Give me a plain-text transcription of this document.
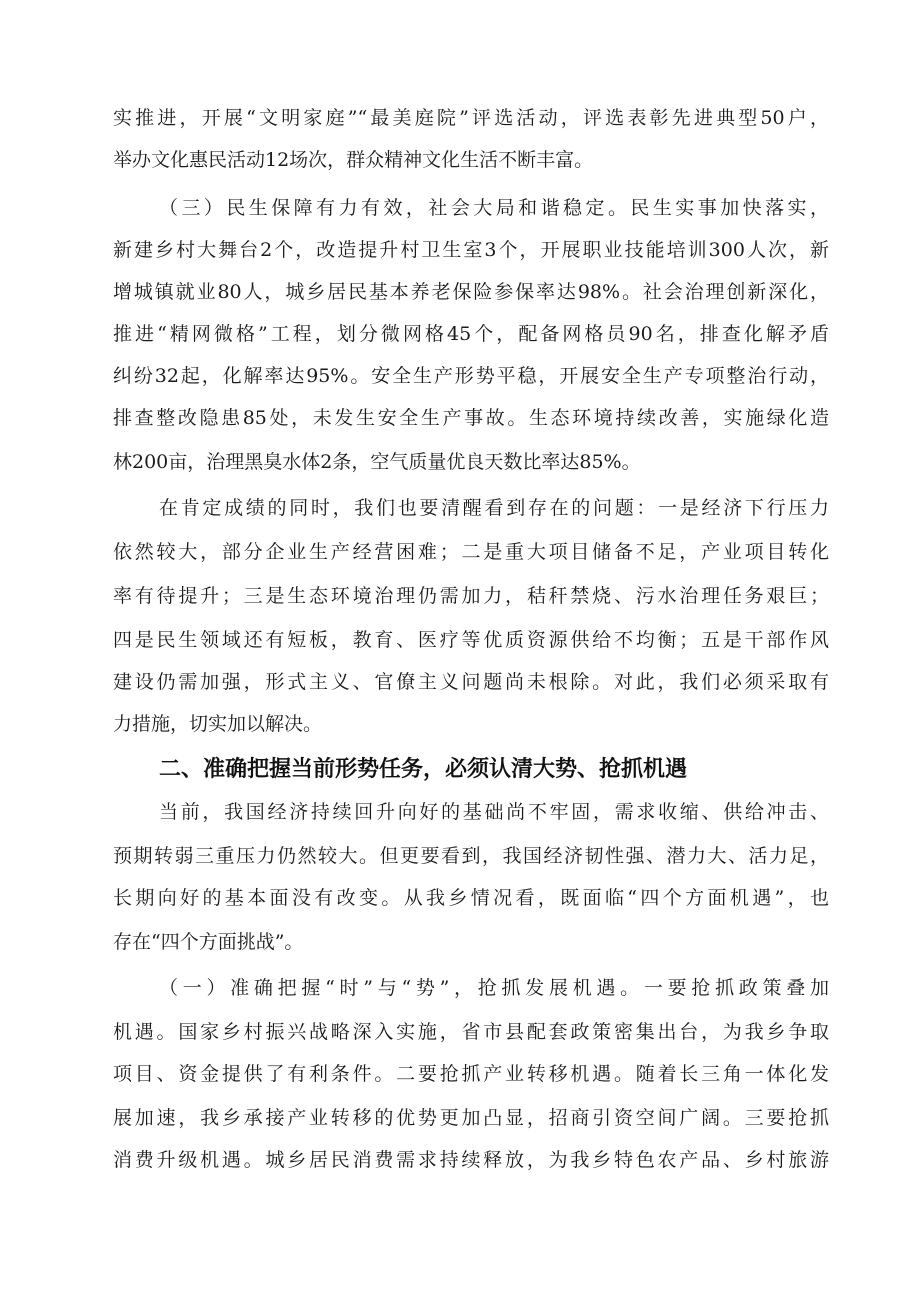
实推进，开展“文明家庭”“最美庭院”评选活动，评选表彰先进典型50户，
举办文化惠民活动12场次，群众精神文化生活不断丰富。
（三）民生保障有力有效，社会大局和谐稳定。民生实事加快落实，
新建乡村大舞台2个，改造提升村卫生室3个，开展职业技能培训300人次，新
增城镇就业80人，城乡居民基本养老保险参保率达98%。社会治理创新深化，
推进“精网微格”工程，划分微网格45个，配备网格员90名，排查化解矛盾
纠纷32起，化解率达95%。安全生产形势平稳，开展安全生产专项整治行动，
排查整改隐患85处，未发生安全生产事故。生态环境持续改善，实施绿化造
林200亩，治理黑臭水体2条，空气质量优良天数比率达85%。
在肯定成绩的同时，我们也要清醒看到存在的问题：一是经济下行压力
依然较大，部分企业生产经营困难；二是重大项目储备不足，产业项目转化
率有待提升；三是生态环境治理仍需加力，秸秆禁烧、污水治理任务艰巨；
四是民生领域还有短板，教育、医疗等优质资源供给不均衡；五是干部作风
建设仍需加强，形式主义、官僚主义问题尚未根除。对此，我们必须采取有
力措施，切实加以解决。
二、准确把握当前形势任务，必须认清大势、抢抓机遇
当前，我国经济持续回升向好的基础尚不牢固，需求收缩、供给冲击、
预期转弱三重压力仍然较大。但更要看到，我国经济韧性强、潜力大、活力足，
长期向好的基本面没有改变。从我乡情况看，既面临“四个方面机遇”，也
存在“四个方面挑战”。
（一）准确把握“时”与“势”，抢抓发展机遇。一要抢抓政策叠加
机遇。国家乡村振兴战略深入实施，省市县配套政策密集出台，为我乡争取
项目、资金提供了有利条件。二要抢抓产业转移机遇。随着长三角一体化发
展加速，我乡承接产业转移的优势更加凸显，招商引资空间广阔。三要抢抓
消费升级机遇。城乡居民消费需求持续释放，为我乡特色农产品、乡村旅游
